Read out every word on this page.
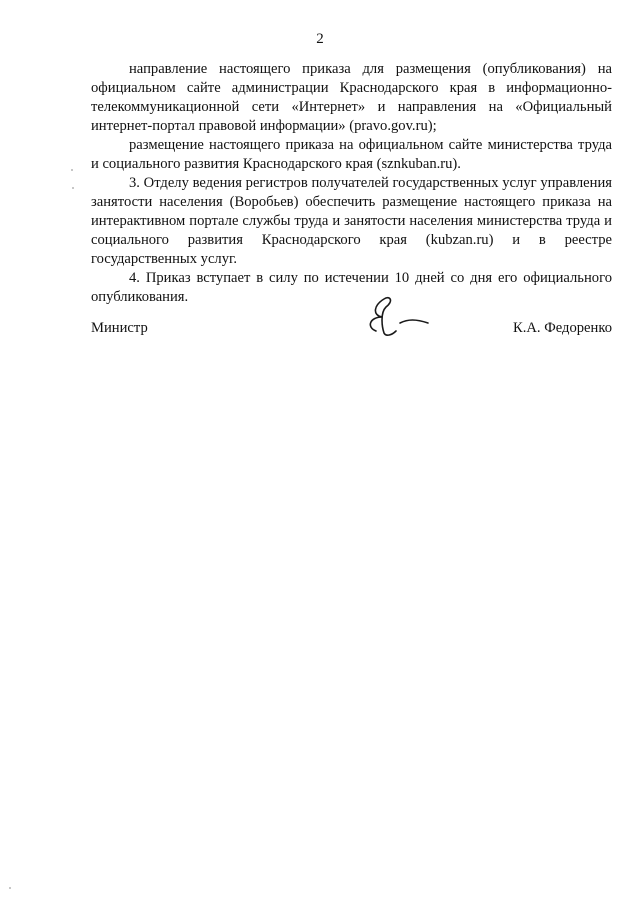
2

направление настоящего приказа для размещения (опубликования) на официальном сайте администрации Краснодарского края в информационно-телекоммуникационной сети «Интернет» и направления на «Официальный интернет-портал правовой информации» (pravo.gov.ru);

размещение настоящего приказа на официальном сайте министерства труда и социального развития Краснодарского края (sznkuban.ru).

3. Отделу ведения регистров получателей государственных услуг управления занятости населения (Воробьев) обеспечить размещение настоящего приказа на интерактивном портале службы труда и занятости населения министерства труда и социального развития Краснодарского края (kubzan.ru) и в реестре государственных услуг.

4. Приказ вступает в силу по истечении 10 дней со дня его официального опубликования.

Министр	К.А. Федоренко
